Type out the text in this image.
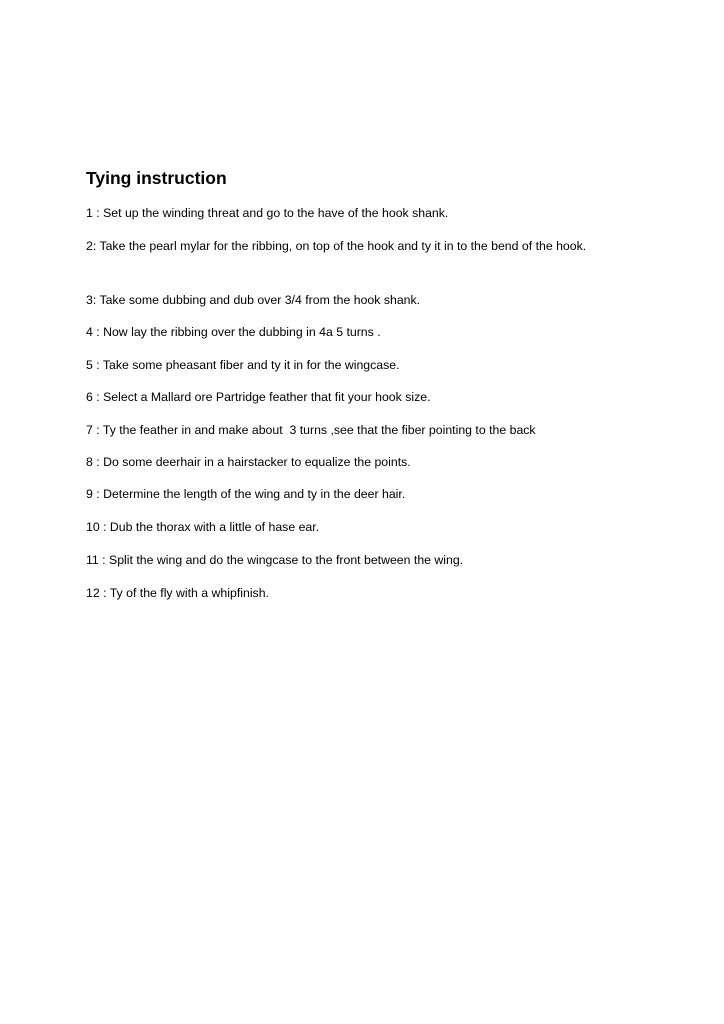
Tying instruction

1 : Set up the winding threat and go to the have of the hook shank.

2: Take the pearl mylar for the ribbing, on top of the hook and ty it in to the bend of the hook.

3: Take some dubbing and dub over 3/4 from the hook shank.

4 : Now lay the ribbing over the dubbing in 4a 5 turns .

5 : Take some pheasant fiber and ty it in for the wingcase.

6 : Select a Mallard ore Partridge feather that fit your hook size.

7 : Ty the feather in and make about  3 turns ,see that the fiber pointing to the back

8 : Do some deerhair in a hairstacker to equalize the points.

9 : Determine the length of the wing and ty in the deer hair.

10 : Dub the thorax with a little of hase ear.

11 : Split the wing and do the wingcase to the front between the wing.

12 : Ty of the fly with a whipfinish.
